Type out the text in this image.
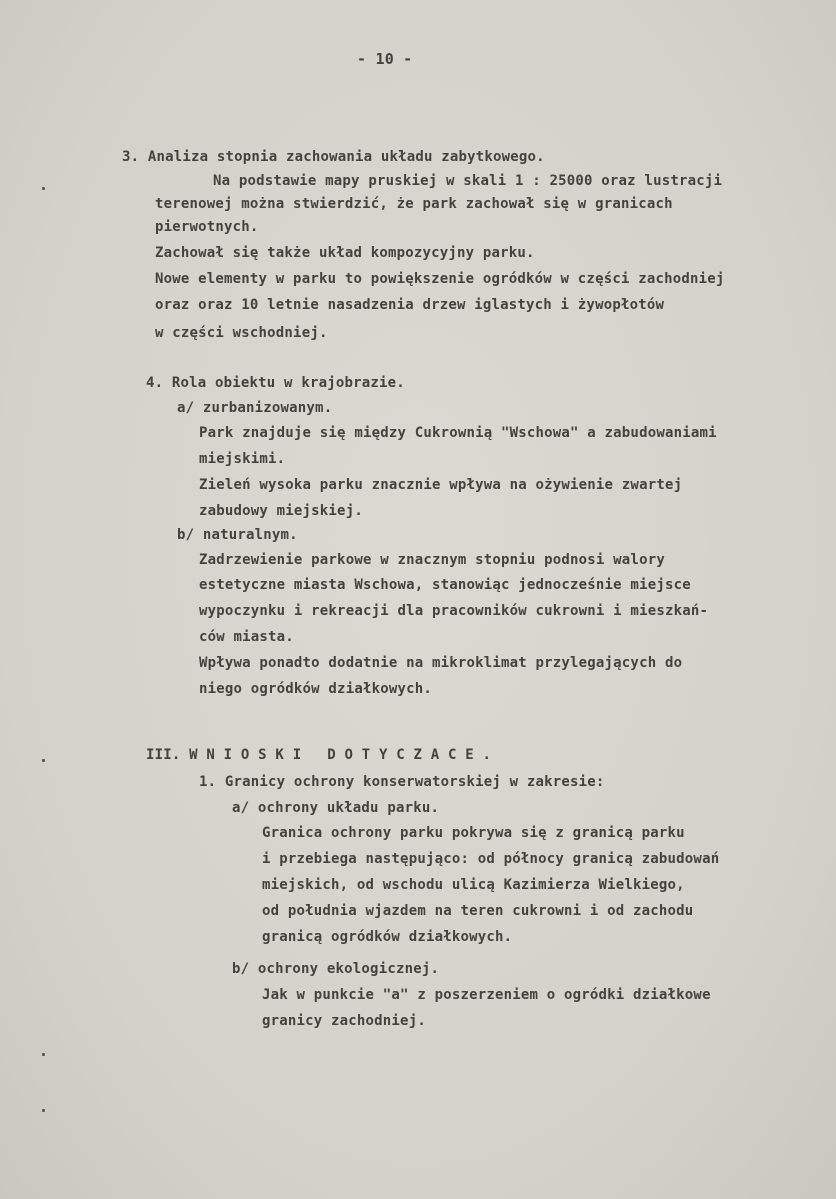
- 10 -
3. Analiza stopnia zachowania układu zabytkowego.
Na podstawie mapy pruskiej w skali 1 : 25000 oraz lustracji
terenowej można stwierdzić, że park zachował się w granicach
pierwotnych.
Zachował się także układ kompozycyjny parku.
Nowe elementy w parku to powiększenie ogródków w części zachodniej
oraz oraz 10 letnie nasadzenia drzew iglastych i żywopłotów
w części wschodniej.
4. Rola obiektu w krajobrazie.
a/ zurbanizowanym.
Park znajduje się między Cukrownią "Wschowa" a zabudowaniami
miejskimi.
Zieleń wysoka parku znacznie wpływa na ożywienie zwartej
zabudowy miejskiej.
b/ naturalnym.
Zadrzewienie parkowe w znacznym stopniu podnosi walory
estetyczne miasta Wschowa, stanowiąc jednocześnie miejsce
wypoczynku i rekreacji dla pracowników cukrowni i mieszkań-
ców miasta.
Wpływa ponadto dodatnie na mikroklimat przylegających do
niego ogródków działkowych.
III. W N I O S K I   D O T Y C Z A C E .
1. Granicy ochrony konserwatorskiej w zakresie:
a/ ochrony układu parku.
Granica ochrony parku pokrywa się z granicą parku
i przebiega następująco: od północy granicą zabudowań
miejskich, od wschodu ulicą Kazimierza Wielkiego,
od południa wjazdem na teren cukrowni i od zachodu
granicą ogródków działkowych.
b/ ochrony ekologicznej.
Jak w punkcie "a" z poszerzeniem o ogródki działkowe
granicy zachodniej.
